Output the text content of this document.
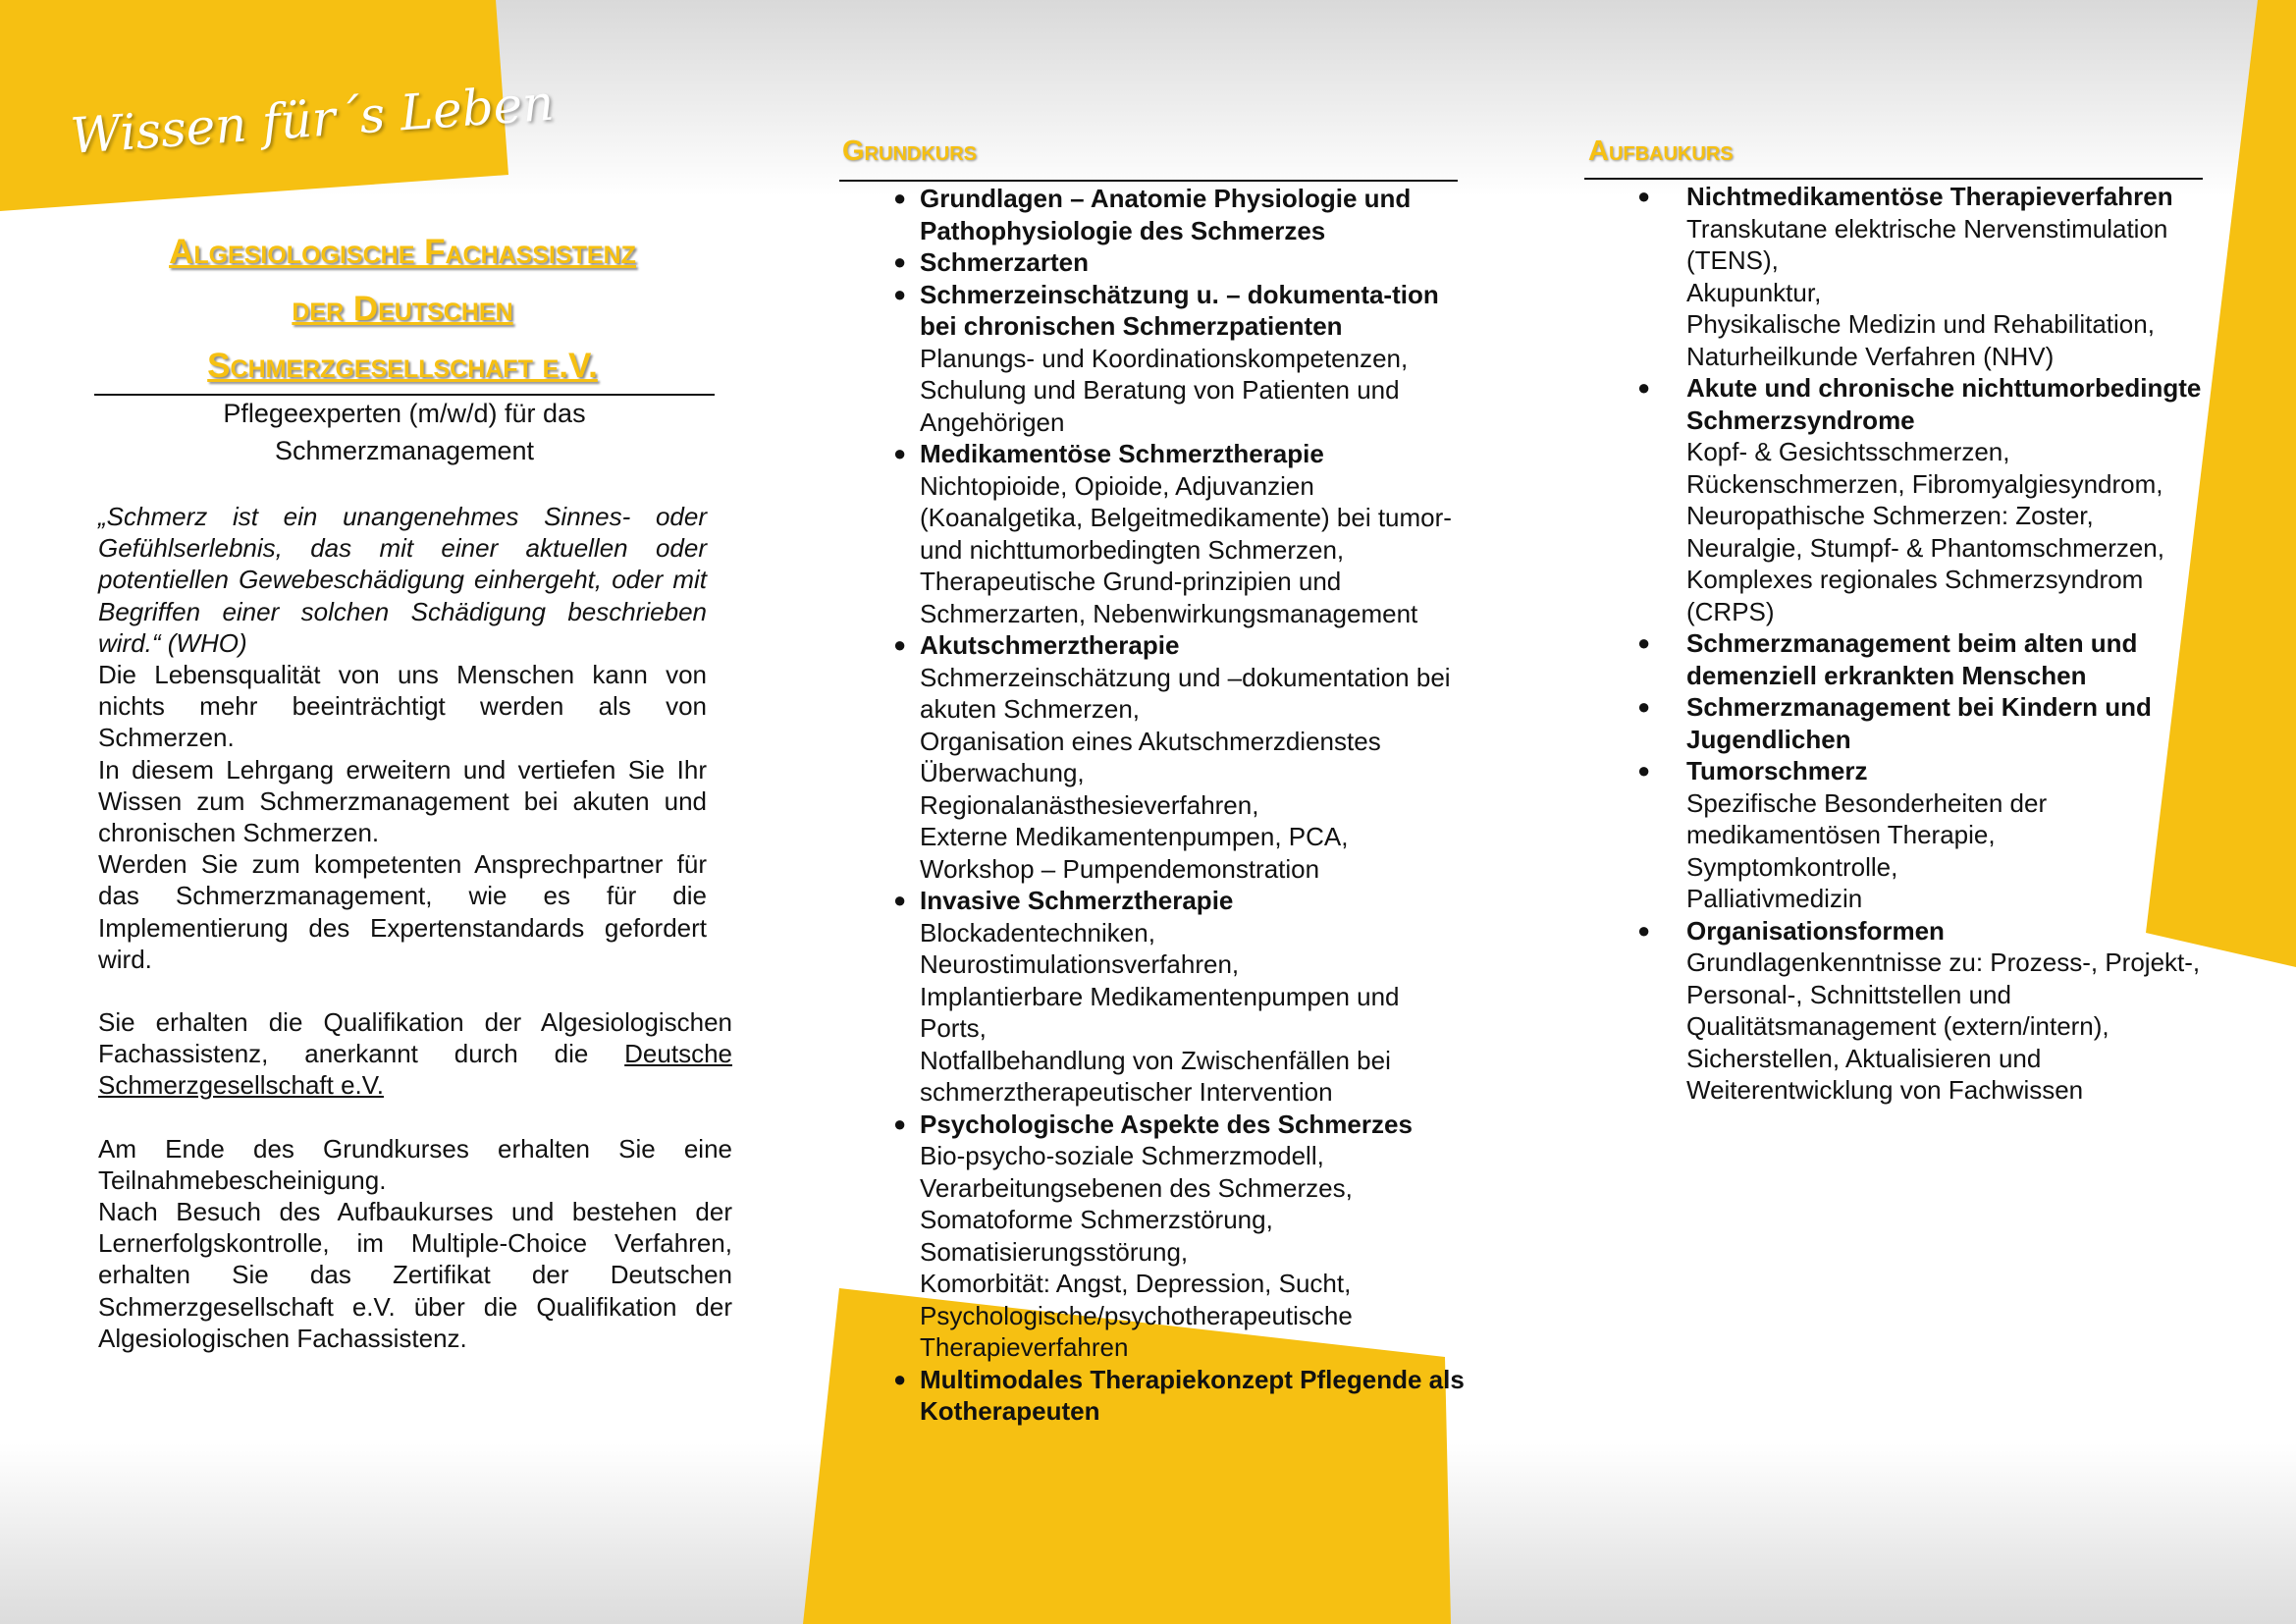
Wissen für´s Leben
Algesiologische Fachassistenz
der Deutschen
Schmerzgesellschaft e.V.
Pflegeexperten (m/w/d) für das
Schmerzmanagement

„Schmerz ist ein unangenehmes Sinnes- oder Gefühlserlebnis, das mit einer aktuellen oder potentiellen Gewebeschädigung einhergeht, oder mit Begriffen einer solchen Schädigung beschrieben wird.“ (WHO)

Die Lebensqualität von uns Menschen kann von nichts mehr beeinträchtigt werden als von Schmerzen.

In diesem Lehrgang erweitern und vertiefen Sie Ihr Wissen zum Schmerzmanagement bei akuten und chronischen Schmerzen.

Werden Sie zum kompetenten Ansprechpartner für das Schmerzmanagement, wie es für die Implementierung des Expertenstandards gefordert wird.

Sie erhalten die Qualifikation der Algesiologischen Fachassistenz, anerkannt durch die Deutsche Schmerzgesellschaft e.V.

Am Ende des Grundkurses erhalten Sie eine Teilnahmebescheinigung.

Nach Besuch des Aufbaukurses und bestehen der Lernerfolgskontrolle, im Multiple-Choice Verfahren, erhalten Sie das Zertifikat der Deutschen Schmerzgesellschaft e.V. über die Qualifikation der Algesiologischen Fachassistenz.

Grundkurs
● Grundlagen – Anatomie Physiologie und Pathophysiologie des Schmerzes
● Schmerzarten
● Schmerzeinschätzung u. – dokumenta-tion bei chronischen Schmerzpatienten
Planungs- und Koordinationskompetenzen, Schulung und Beratung von Patienten und Angehörigen
● Medikamentöse Schmerztherapie
Nichtopioide, Opioide, Adjuvanzien (Koanalgetika, Belgeitmedikamente) bei tumor- und nichttumorbedingten Schmerzen, Therapeutische Grund-prinzipien und Schmerzarten, Nebenwirkungsmanagement
● Akutschmerztherapie
Schmerzeinschätzung und –dokumentation bei akuten Schmerzen,
Organisation eines Akutschmerzdienstes Überwachung,
Regionalanästhesieverfahren,
Externe Medikamentenpumpen, PCA,
Workshop – Pumpendemonstration
● Invasive Schmerztherapie
Blockadentechniken,
Neurostimulationsverfahren,
Implantierbare Medikamentenpumpen und Ports,
Notfallbehandlung von Zwischenfällen bei schmerztherapeutischer Intervention
● Psychologische Aspekte des Schmerzes
Bio-psycho-soziale Schmerzmodell,
Verarbeitungsebenen des Schmerzes,
Somatoforme Schmerzstörung,
Somatisierungsstörung,
Komorbität: Angst, Depression, Sucht,
Psychologische/psychotherapeutische Therapieverfahren
● Multimodales Therapiekonzept Pflegende als Kotherapeuten
Aufbaukurs
● Nichtmedikamentöse Therapieverfahren
Transkutane elektrische Nervenstimulation (TENS),
Akupunktur,
Physikalische Medizin und Rehabilitation,
Naturheilkunde Verfahren (NHV)
● Akute und chronische nichttumorbedingte Schmerzsyndrome
Kopf- & Gesichtsschmerzen,
Rückenschmerzen, Fibromyalgiesyndrom,
Neuropathische Schmerzen: Zoster, Neuralgie, Stumpf- & Phantomschmerzen,
Komplexes regionales Schmerzsyndrom (CRPS)
● Schmerzmanagement beim alten und demenziell erkrankten Menschen
● Schmerzmanagement bei Kindern und Jugendlichen
● Tumorschmerz
Spezifische Besonderheiten der medikamentösen Therapie,
Symptomkontrolle,
Palliativmedizin
● Organisationsformen
Grundlagenkenntnisse zu: Prozess-, Projekt-, Personal-, Schnittstellen und Qualitätsmanagement (extern/intern),
Sicherstellen, Aktualisieren und Weiterentwicklung von Fachwissen
